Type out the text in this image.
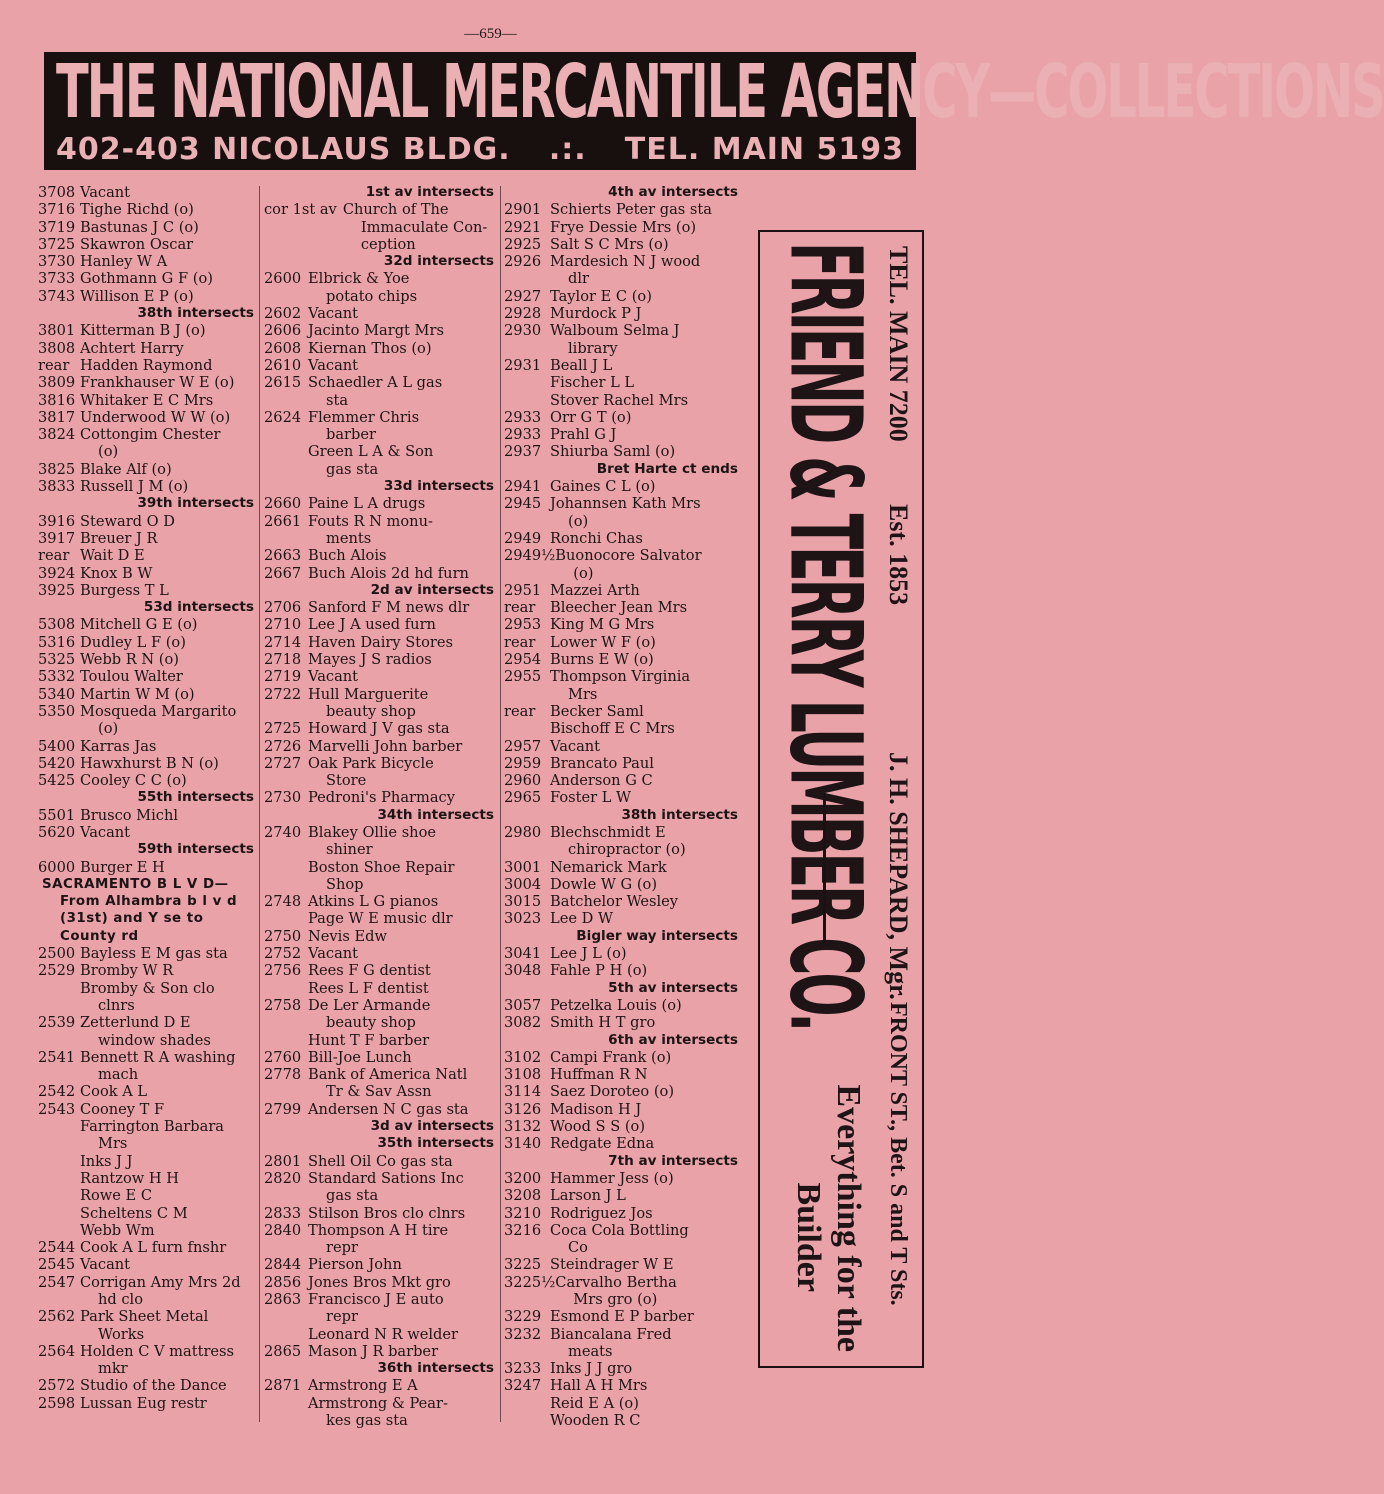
—659—
THE NATIONAL MERCANTILE AGENCY—COLLECTIONS
402-403 NICOLAUS BLDG. .:. TEL. MAIN 5193
3708 Vacant
3716 Tighe Richd (o)
3719 Bastunas J C (o)
3725 Skawron Oscar
3730 Hanley W A
3733 Gothmann G F (o)
3743 Willison E P (o)
38th intersects
3801 Kitterman B J (o)
3808 Achtert Harry
rear Hadden Raymond
3809 Frankhauser W E (o)
3816 Whitaker E C Mrs
3817 Underwood W W (o)
3824 Cottongim Chester
(o)
3825 Blake Alf (o)
3833 Russell J M (o)
39th intersects
3916 Steward O D
3917 Breuer J R
rear Wait D E
3924 Knox B W
3925 Burgess T L
53d intersects
5308 Mitchell G E (o)
5316 Dudley L F (o)
5325 Webb R N (o)
5332 Toulou Walter
5340 Martin W M (o)
5350 Mosqueda Margarito
(o)
5400 Karras Jas
5420 Hawxhurst B N (o)
5425 Cooley C C (o)
55th intersects
5501 Brusco Michl
5620 Vacant
59th intersects
6000 Burger E H
SACRAMENTO B L V D—
From Alhambra b l v d
(31st) and Y se to
County rd
2500 Bayless E M gas sta
2529 Bromby W R
Bromby & Son clo
clnrs
2539 Zetterlund D E
window shades
2541 Bennett R A washing
mach
2542 Cook A L
2543 Cooney T F
Farrington Barbara
Mrs
Inks J J
Rantzow H H
Rowe E C
Scheltens C M
Webb Wm
2544 Cook A L furn fnshr
2545 Vacant
2547 Corrigan Amy Mrs 2d
hd clo
2562 Park Sheet Metal
Works
2564 Holden C V mattress
mkr
2572 Studio of the Dance
2598 Lussan Eug restr
1st av intersects
cor 1st av Church of The
Immaculate Con-
ception
32d intersects
2600 Elbrick & Yoe
potato chips
2602 Vacant
2606 Jacinto Margt Mrs
2608 Kiernan Thos (o)
2610 Vacant
2615 Schaedler A L gas
sta
2624 Flemmer Chris
barber
Green L A & Son
gas sta
33d intersects
2660 Paine L A drugs
2661 Fouts R N monu-
ments
2663 Buch Alois
2667 Buch Alois 2d hd furn
2d av intersects
2706 Sanford F M news dlr
2710 Lee J A used furn
2714 Haven Dairy Stores
2718 Mayes J S radios
2719 Vacant
2722 Hull Marguerite
beauty shop
2725 Howard J V gas sta
2726 Marvelli John barber
2727 Oak Park Bicycle
Store
2730 Pedroni's Pharmacy
34th intersects
2740 Blakey Ollie shoe
shiner
Boston Shoe Repair
Shop
2748 Atkins L G pianos
Page W E music dlr
2750 Nevis Edw
2752 Vacant
2756 Rees F G dentist
Rees L F dentist
2758 De Ler Armande
beauty shop
Hunt T F barber
2760 Bill-Joe Lunch
2778 Bank of America Natl
Tr & Sav Assn
2799 Andersen N C gas sta
3d av intersects
35th intersects
2801 Shell Oil Co gas sta
2820 Standard Sations Inc
gas sta
2833 Stilson Bros clo clnrs
2840 Thompson A H tire
repr
2844 Pierson John
2856 Jones Bros Mkt gro
2863 Francisco J E auto
repr
Leonard N R welder
2865 Mason J R barber
36th intersects
2871 Armstrong E A
Armstrong & Pear-
kes gas sta
4th av intersects
2901 Schierts Peter gas sta
2921 Frye Dessie Mrs (o)
2925 Salt S C Mrs (o)
2926 Mardesich N J wood
dlr
2927 Taylor E C (o)
2928 Murdock P J
2930 Walboum Selma J
library
2931 Beall J L
Fischer L L
Stover Rachel Mrs
2933 Orr G T (o)
2933 Prahl G J
2937 Shiurba Saml (o)
Bret Harte ct ends
2941 Gaines C L (o)
2945 Johannsen Kath Mrs
(o)
2949 Ronchi Chas
2949½ Buonocore Salvator
(o)
2951 Mazzei Arth
rear	Bleecher Jean Mrs
2953 King M G Mrs
rear	Lower W F (o)
2954 Burns E W (o)
2955 Thompson Virginia
Mrs
rear	Becker Saml
Bischoff E C Mrs
2957 Vacant
2959 Brancato Paul
2960 Anderson G C
2965 Foster L W
38th intersects
2980 Blechschmidt E
chiropractor (o)
3001 Nemarick Mark
3004 Dowle W G (o)
3015 Batchelor Wesley
3023 Lee D W
Bigler way intersects
3041 Lee J L (o)
3048 Fahle P H (o)
5th av intersects
3057 Petzelka Louis (o)
3082 Smith H T gro
6th av intersects
3102 Campi Frank (o)
3108 Huffman R N
3114 Saez Doroteo (o)
3126 Madison H J
3132 Wood S S (o)
3140 Redgate Edna
7th av intersects
3200 Hammer Jess (o)
3208 Larson J L
3210 Rodriguez Jos
3216 Coca Cola Bottling
Co
3225 Steindrager W E
3225½ Carvalho Bertha
Mrs gro (o)
3229 Esmond E P barber
3232 Biancalana Fred
meats
3233 Inks J J gro
3247 Hall A H Mrs
Reid E A (o)
Wooden R C
TEL. MAIN 7200
Est. 1853
J. H. SHEPARD, Mgr.
FRONT ST., Bet. S and T Sts.
FRIEND & TERRY LUMBER CO.
Everything for the
Builder
